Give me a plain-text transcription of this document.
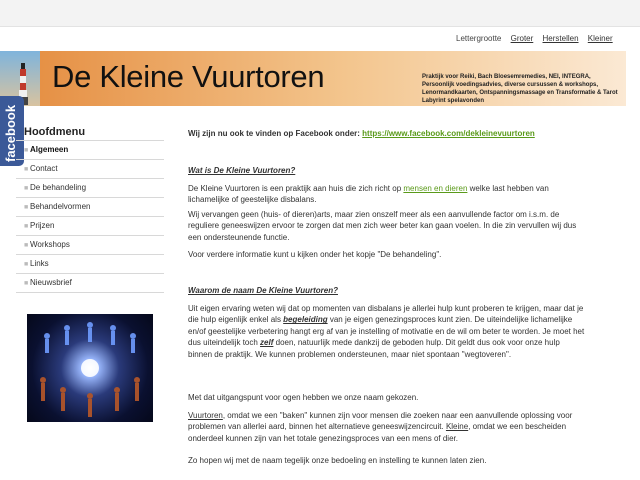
Lettergrootte Groter Herstellen Kleiner
De Kleine Vuurtoren	Praktijk voor Reiki, Bach Bloesemremedies, NEI, INTEGRA, Persoonlijk voedingsadvies, diverse cursussen & workshops, Lenormandkaarten, Ontspanningsmassage en Transformatie & Tarot Labyrint spelavonden
facebook Hoofdmenu
■ Algemeen
■ Contact
■ De behandeling
■ Behandelvormen
■ Prijzen
■ Workshops
■ Links
■ Nieuwsbrief

Wij zijn nu ook te vinden op Facebook onder: https://www.facebook.com/dekleinevuurtoren

Wat is De Kleine Vuurtoren?

De Kleine Vuurtoren is een praktijk aan huis die zich richt op mensen en dieren welke last hebben van lichamelijke of geestelijke disbalans.

Wij vervangen geen (huis- of dieren)arts, maar zien onszelf meer als een aanvullende factor om i.s.m. de reguliere geneeswijzen ervoor te zorgen dat men zich weer beter kan gaan voelen. In die zin vervullen wij dus een ondersteunende functie.

Voor verdere informatie kunt u kijken onder het kopje "De behandeling".

Waarom de naam De Kleine Vuurtoren?

Uit eigen ervaring weten wij dat op momenten van disbalans je allerlei hulp kunt proberen te krijgen, maar dat je die hulp eigenlijk enkel als begeleiding van je eigen genezingsproces kunt zien. De uiteindelijke lichamelijke en/of geestelijke verbetering hangt erg af van je instelling of motivatie en de wil om beter te worden. Je moet het dus uiteindelijk toch zelf doen, natuurlijk mede dankzij de geboden hulp. Dit geldt dus ook voor onze hulp binnen de praktijk. We kunnen problemen ondersteunen, maar niet spontaan "wegtoveren".

Met dat uitgangspunt voor ogen hebben we onze naam gekozen.

Vuurtoren, omdat we een "baken" kunnen zijn voor mensen die zoeken naar een aanvullende oplossing voor problemen van allerlei aard, binnen het alternatieve geneeswijzencircuit. Kleine, omdat we een bescheiden onderdeel kunnen zijn van het totale genezingsproces van een mens of dier.

Zo hopen wij met de naam tegelijk onze bedoeling en instelling te kunnen laten zien.
